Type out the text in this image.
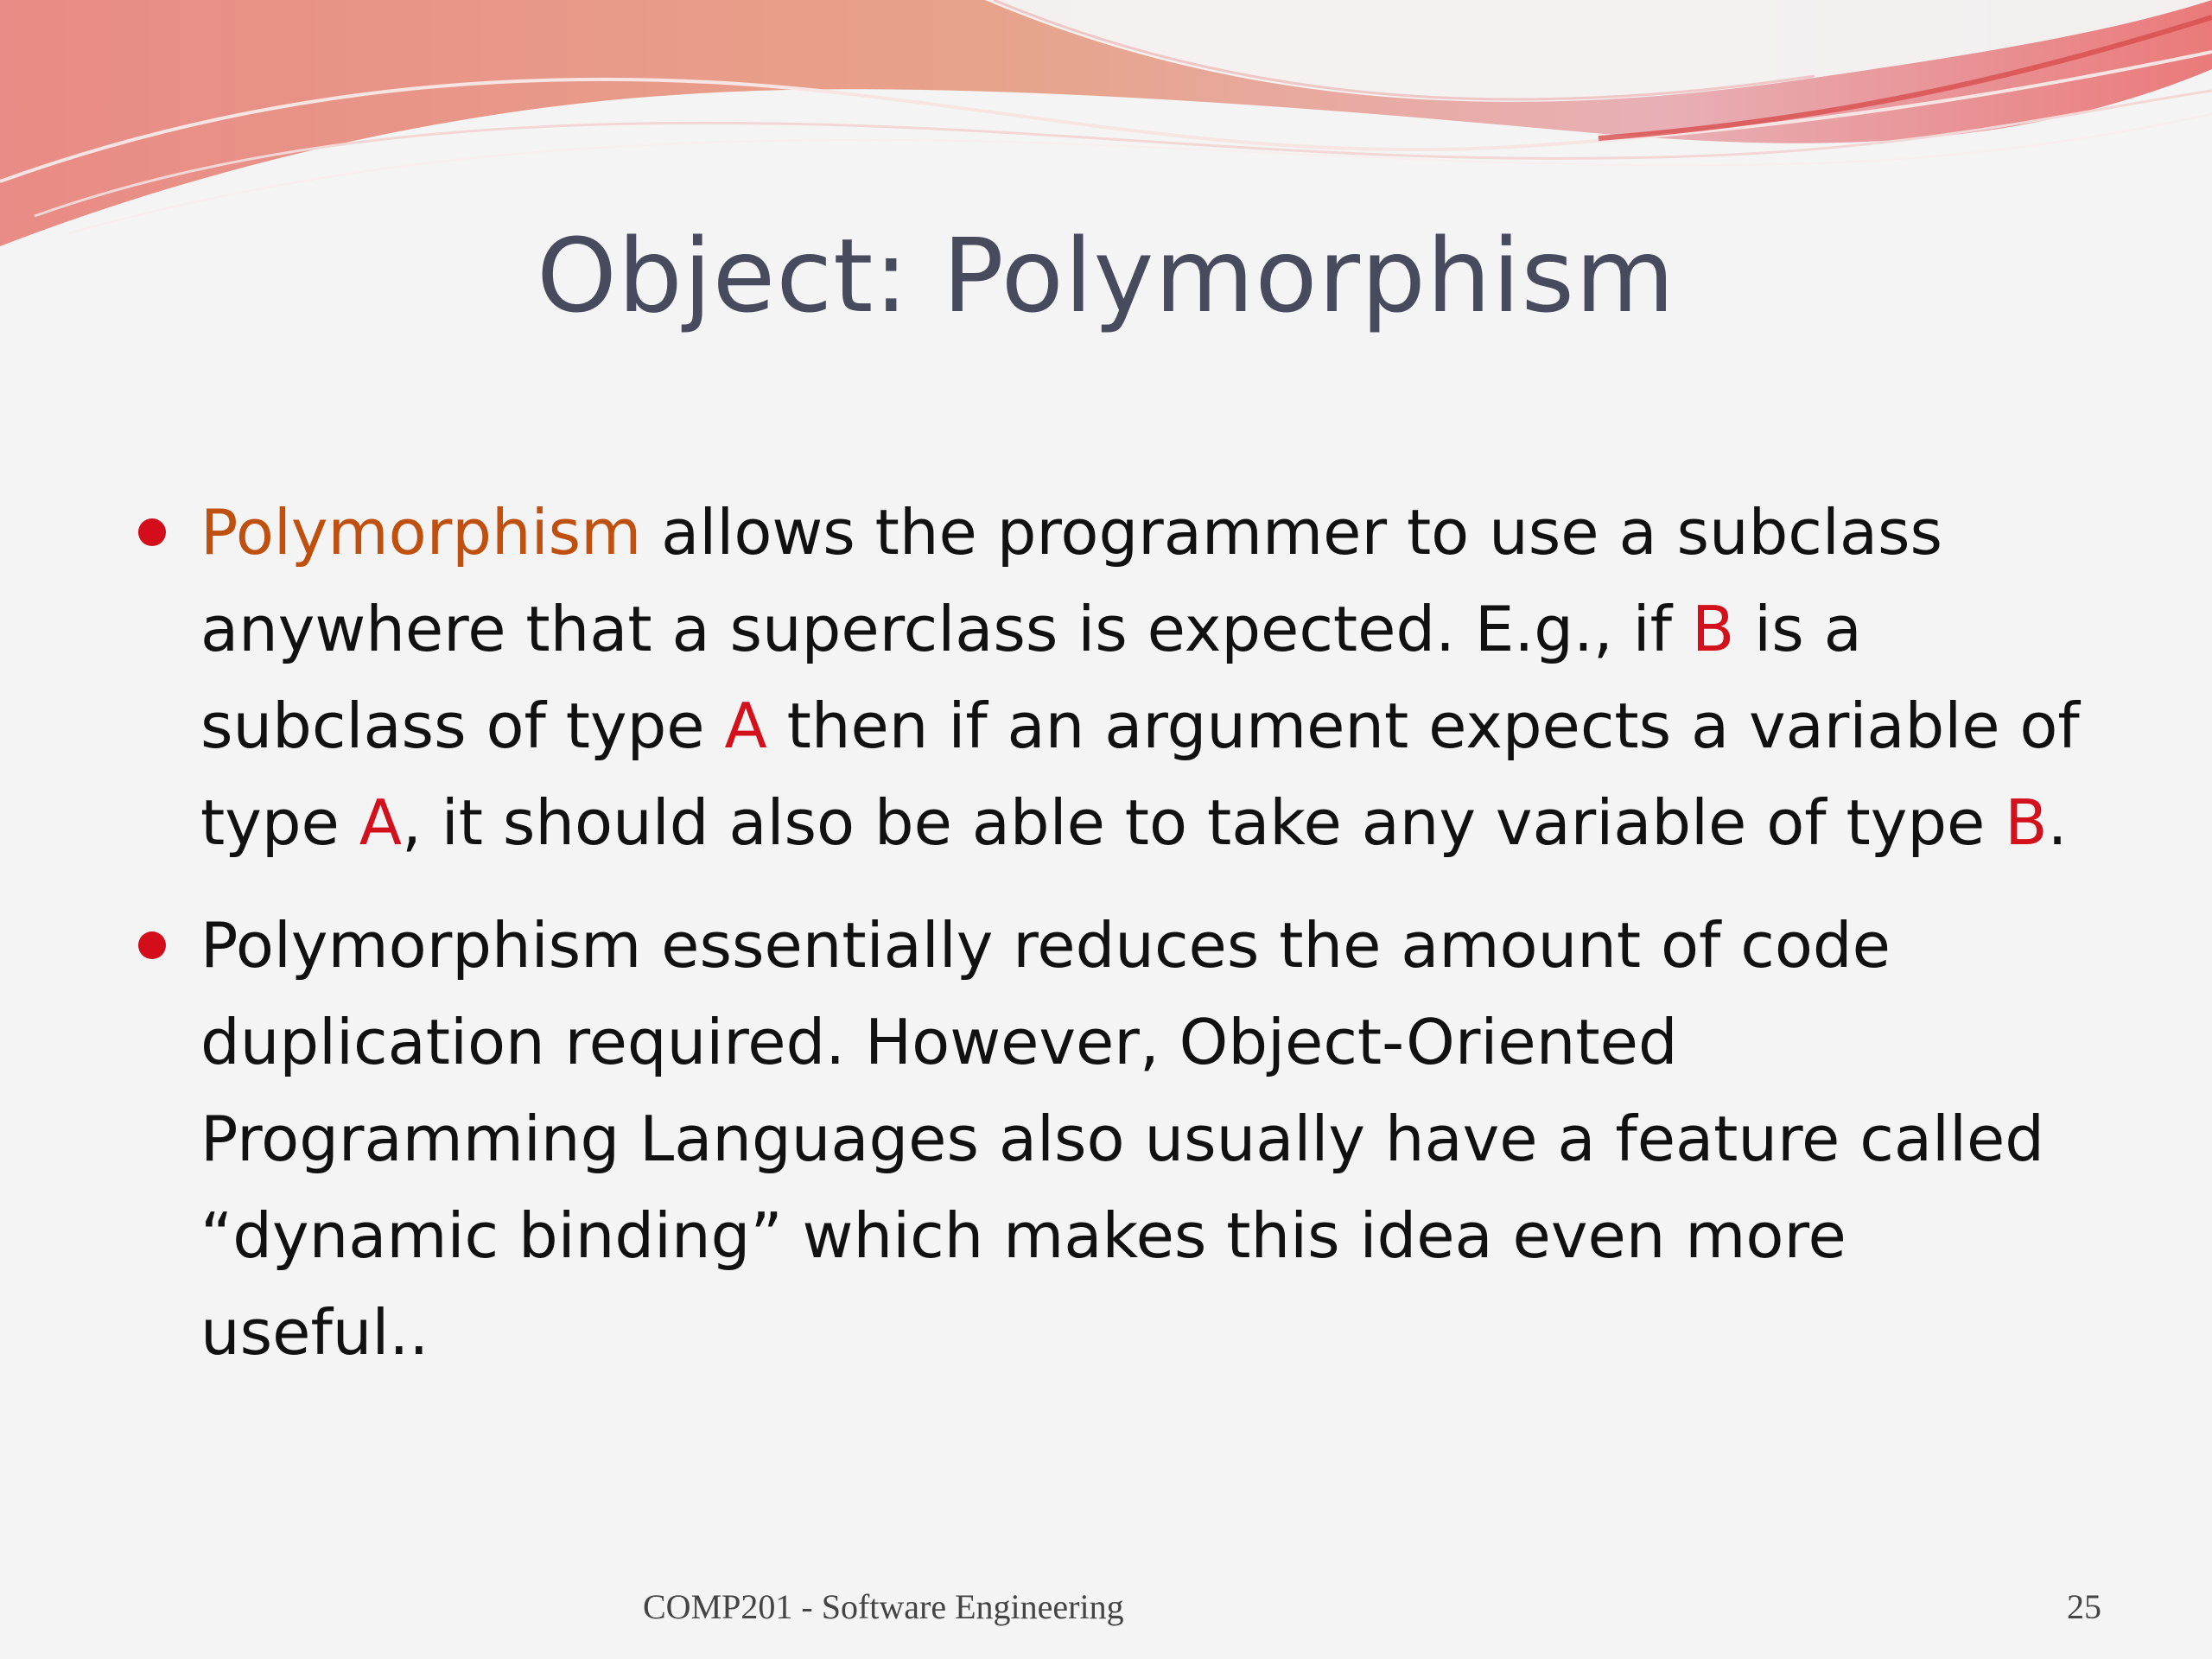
Object: Polymorphism
Polymorphism allows the programmer to use a subclass anywhere that a superclass is expected. E.g., if B is a subclass of type A then if an argument expects a variable of type A, it should also be able to take any variable of type B.
Polymorphism essentially reduces the amount of code duplication required. However, Object-Oriented Programming Languages also usually have a feature called “dynamic binding” which makes this idea even more useful..
COMP201 - Software Engineering	25
